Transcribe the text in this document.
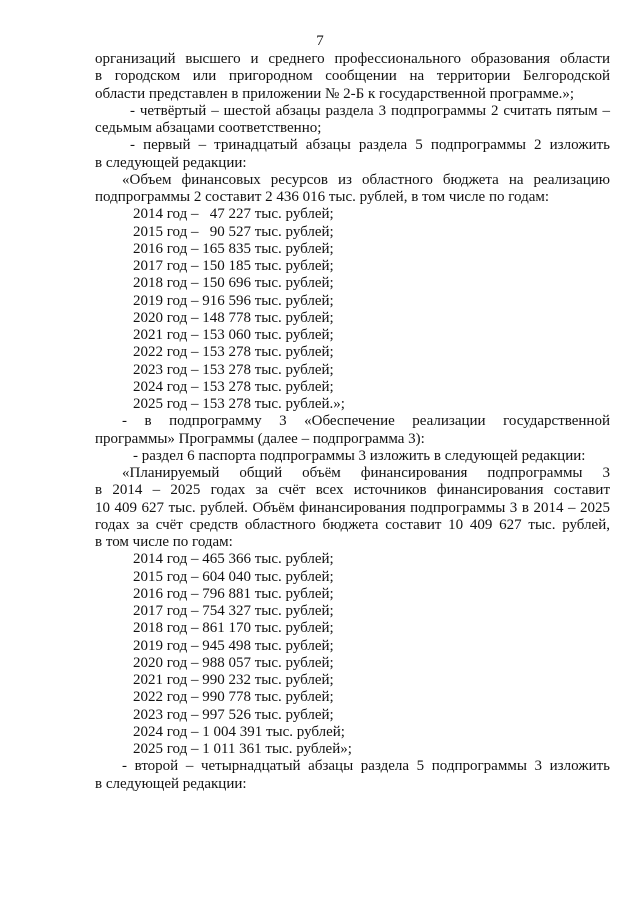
7
организаций высшего и среднего профессионального образования области
в городском или пригородном сообщении на территории Белгородской
области представлен в приложении № 2-Б к государственной программе.»;
- четвёртый – шестой абзацы раздела 3 подпрограммы 2 считать пятым –
седьмым абзацами соответственно;
- первый – тринадцатый абзацы раздела 5 подпрограммы 2 изложить
в следующей редакции:
«Объем финансовых ресурсов из областного бюджета на реализацию
подпрограммы 2 составит 2 436 016 тыс. рублей, в том числе по годам:
2014 год –   47 227 тыс. рублей;
2015 год –   90 527 тыс. рублей;
2016 год – 165 835 тыс. рублей;
2017 год – 150 185 тыс. рублей;
2018 год – 150 696 тыс. рублей;
2019 год – 916 596 тыс. рублей;
2020 год – 148 778 тыс. рублей;
2021 год – 153 060 тыс. рублей;
2022 год – 153 278 тыс. рублей;
2023 год – 153 278 тыс. рублей;
2024 год – 153 278 тыс. рублей;
2025 год – 153 278 тыс. рублей.»;
- в подпрограмму 3 «Обеспечение реализации государственной
программы» Программы (далее – подпрограмма 3):
- раздел 6 паспорта подпрограммы 3 изложить в следующей редакции:
«Планируемый общий объём финансирования подпрограммы 3
в 2014 – 2025 годах за счёт всех источников финансирования составит
10 409 627 тыс. рублей. Объём финансирования подпрограммы 3 в 2014 – 2025
годах за счёт средств областного бюджета составит 10 409 627 тыс. рублей,
в том числе по годам:
2014 год – 465 366 тыс. рублей;
2015 год – 604 040 тыс. рублей;
2016 год – 796 881 тыс. рублей;
2017 год – 754 327 тыс. рублей;
2018 год – 861 170 тыс. рублей;
2019 год – 945 498 тыс. рублей;
2020 год – 988 057 тыс. рублей;
2021 год – 990 232 тыс. рублей;
2022 год – 990 778 тыс. рублей;
2023 год – 997 526 тыс. рублей;
2024 год – 1 004 391 тыс. рублей;
2025 год – 1 011 361 тыс. рублей»;
- второй – четырнадцатый абзацы раздела 5 подпрограммы 3 изложить
в следующей редакции:
